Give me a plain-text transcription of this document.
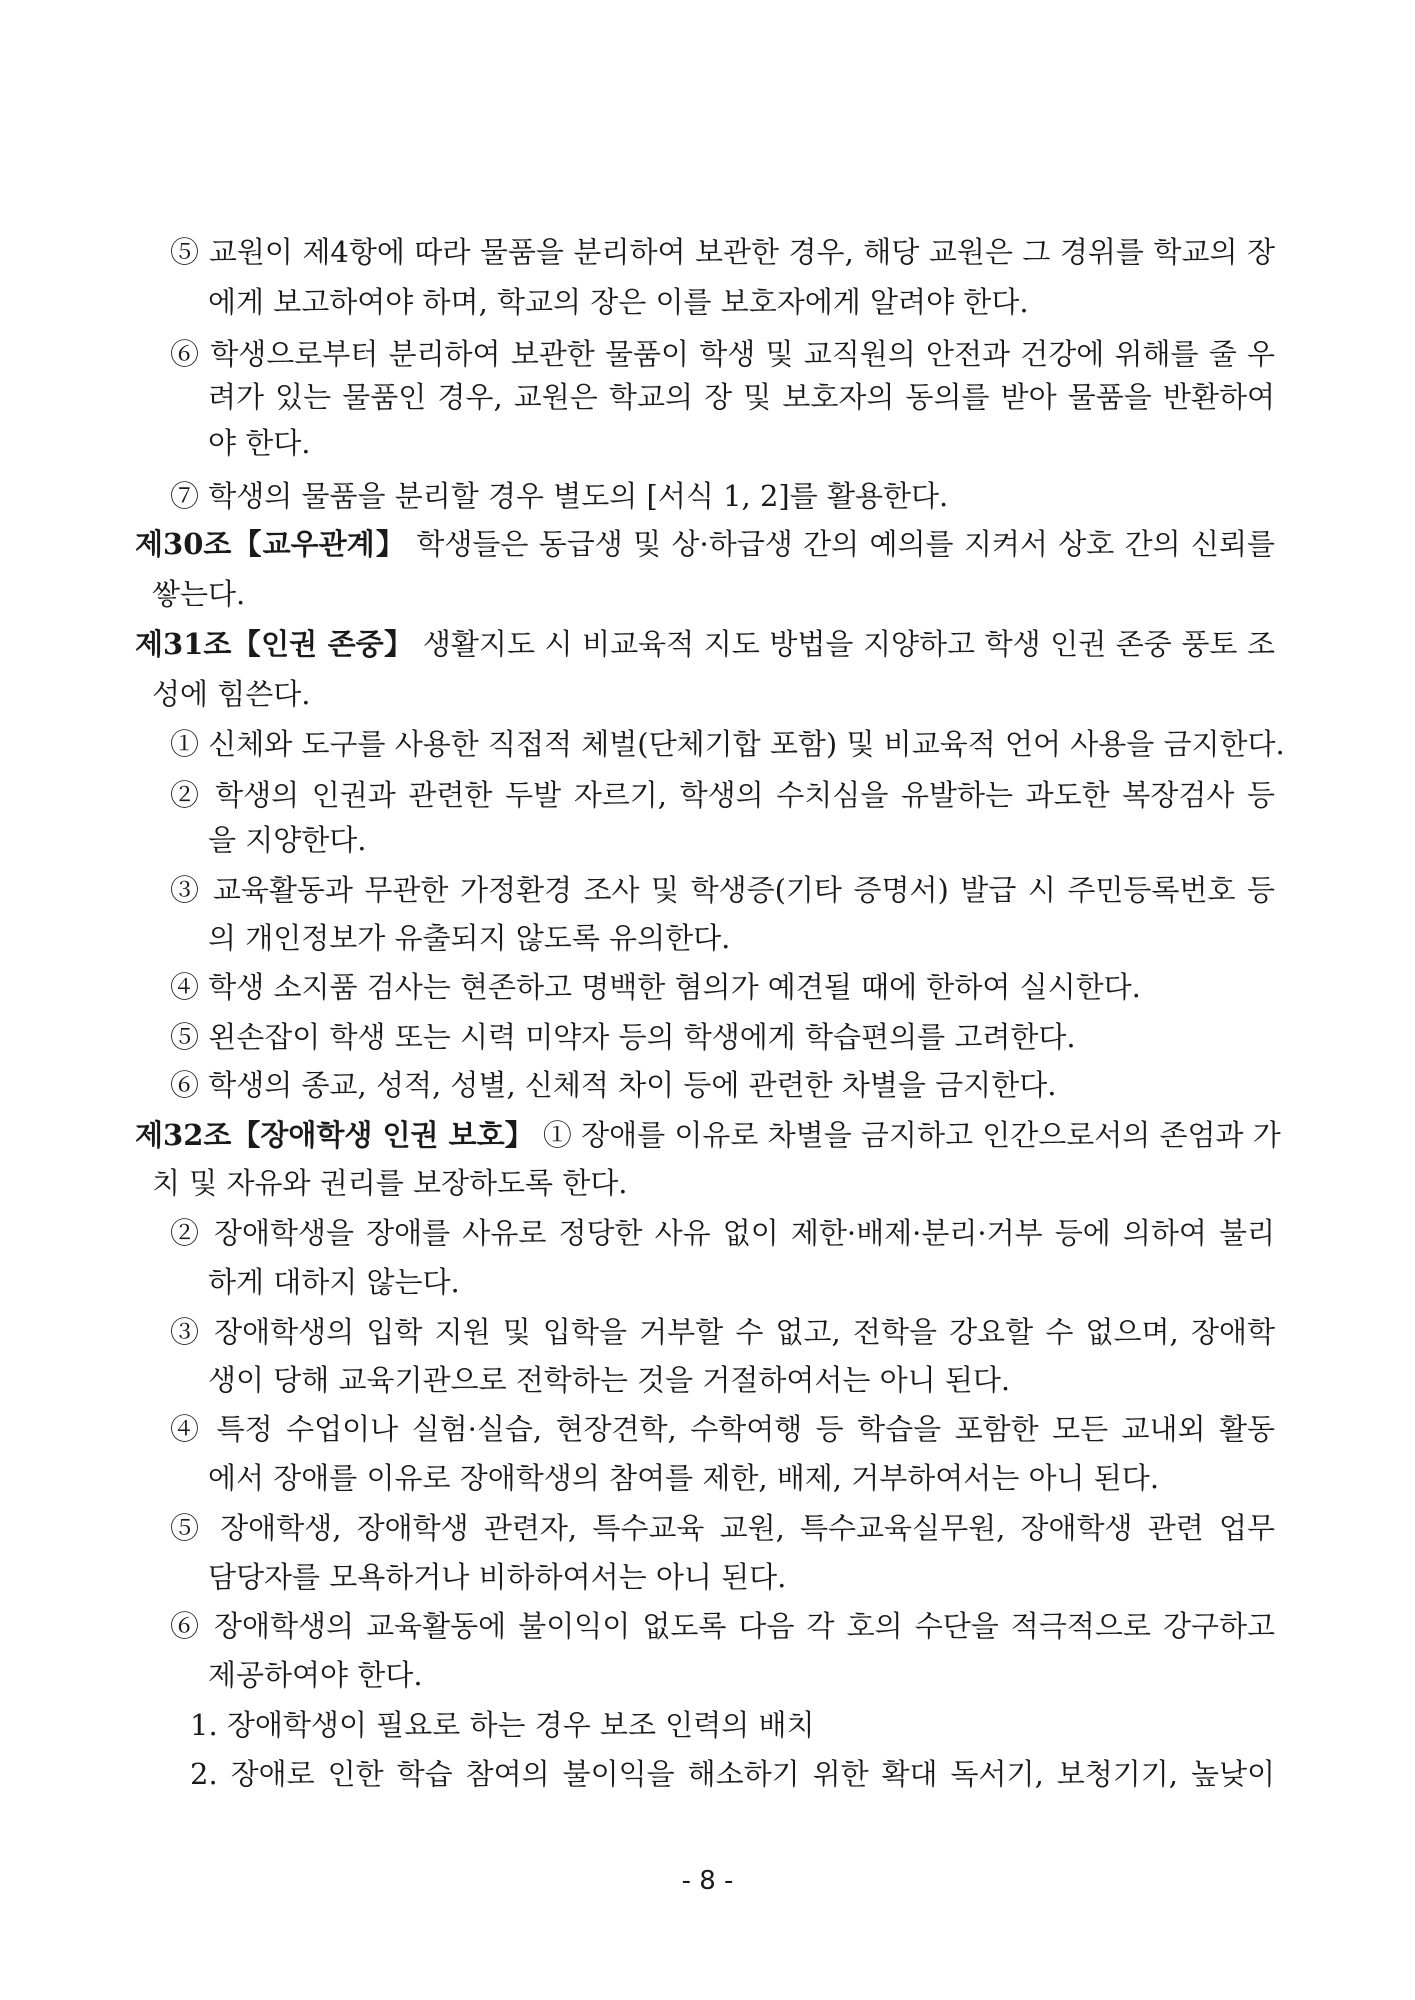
⑤ 교원이 제4항에 따라 물품을 분리하여 보관한 경우, 해당 교원은 그 경위를 학교의 장
에게 보고하여야 하며, 학교의 장은 이를 보호자에게 알려야 한다.
⑥ 학생으로부터 분리하여 보관한 물품이 학생 및 교직원의 안전과 건강에 위해를 줄 우
려가 있는 물품인 경우, 교원은 학교의 장 및 보호자의 동의를 받아 물품을 반환하여
야 한다.
⑦ 학생의 물품을 분리할 경우 별도의 [서식 1, 2]를 활용한다.
제30조【교우관계】 학생들은 동급생 및 상·하급생 간의 예의를 지켜서 상호 간의 신뢰를
쌓는다.
제31조【인권 존중】 생활지도 시 비교육적 지도 방법을 지양하고 학생 인권 존중 풍토 조
성에 힘쓴다.
① 신체와 도구를 사용한 직접적 체벌(단체기합 포함) 및 비교육적 언어 사용을 금지한다.
② 학생의 인권과 관련한 두발 자르기, 학생의 수치심을 유발하는 과도한 복장검사 등
을 지양한다.
③ 교육활동과 무관한 가정환경 조사 및 학생증(기타 증명서) 발급 시 주민등록번호 등
의 개인정보가 유출되지 않도록 유의한다.
④ 학생 소지품 검사는 현존하고 명백한 혐의가 예견될 때에 한하여 실시한다.
⑤ 왼손잡이 학생 또는 시력 미약자 등의 학생에게 학습편의를 고려한다.
⑥ 학생의 종교, 성적, 성별, 신체적 차이 등에 관련한 차별을 금지한다.
제32조【장애학생 인권 보호】 ① 장애를 이유로 차별을 금지하고 인간으로서의 존엄과 가
치 및 자유와 권리를 보장하도록 한다.
② 장애학생을 장애를 사유로 정당한 사유 없이 제한·배제·분리·거부 등에 의하여 불리
하게 대하지 않는다.
③ 장애학생의 입학 지원 및 입학을 거부할 수 없고, 전학을 강요할 수 없으며, 장애학
생이 당해 교육기관으로 전학하는 것을 거절하여서는 아니 된다.
④ 특정 수업이나 실험·실습, 현장견학, 수학여행 등 학습을 포함한 모든 교내외 활동
에서 장애를 이유로 장애학생의 참여를 제한, 배제, 거부하여서는 아니 된다.
⑤ 장애학생, 장애학생 관련자, 특수교육 교원, 특수교육실무원, 장애학생 관련 업무
담당자를 모욕하거나 비하하여서는 아니 된다.
⑥ 장애학생의 교육활동에 불이익이 없도록 다음 각 호의 수단을 적극적으로 강구하고
제공하여야 한다.
1. 장애학생이 필요로 하는 경우 보조 인력의 배치
2. 장애로 인한 학습 참여의 불이익을 해소하기 위한 확대 독서기, 보청기기, 높낮이
- 8 -
